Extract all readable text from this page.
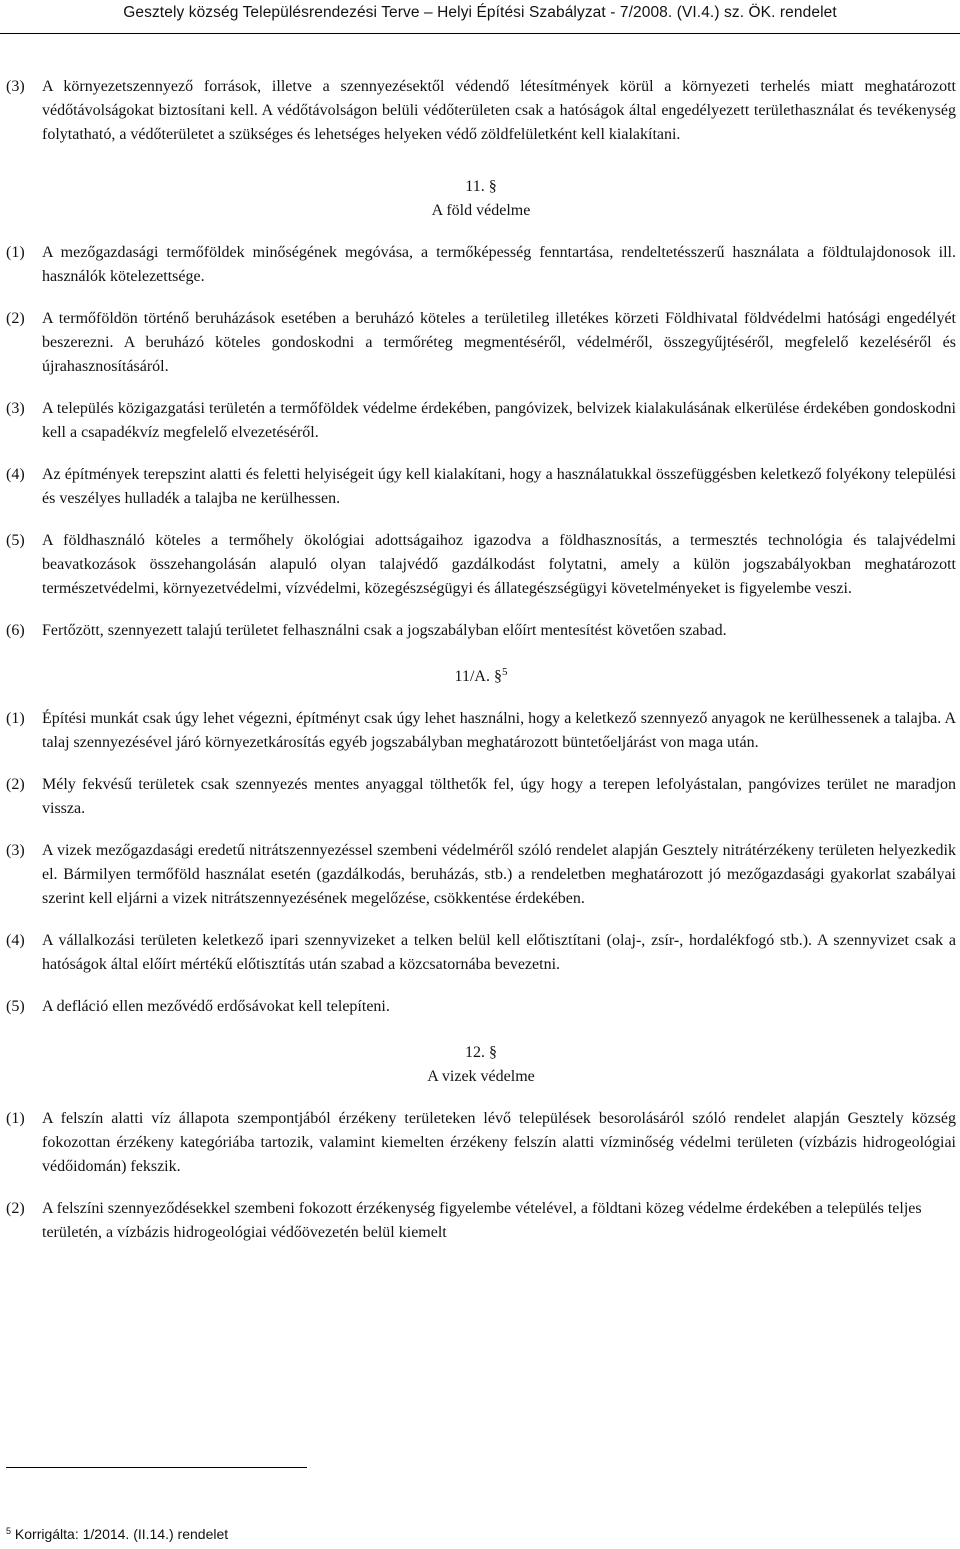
Gesztely község Településrendezési Terve – Helyi Építési Szabályzat - 7/2008. (VI.4.) sz. ÖK. rendelet
(3) A környezetszennyező források, illetve a szennyezésektől védendő létesítmények körül a környezeti terhelés miatt meghatározott védőtávolságokat biztosítani kell. A védőtávolságon belüli védőterületen csak a hatóságok által engedélyezett területhasználat és tevékenység folytatható, a védőterületet a szükséges és lehetséges helyeken védő zöldfelületként kell kialakítani.
11. §
A föld védelme
(1) A mezőgazdasági termőföldek minőségének megóvása, a termőképesség fenntartása, rendeltetésszerű használata a földtulajdonosok ill. használók kötelezettsége.
(2) A termőföldön történő beruházások esetében a beruházó köteles a területileg illetékes körzeti Földhivatal földvédelmi hatósági engedélyét beszerezni. A beruházó köteles gondoskodni a termőréteg megmentéséről, védelméről, összegyűjtéséről, megfelelő kezeléséről és újrahasznosításáról.
(3) A település közigazgatási területén a termőföldek védelme érdekében, pangóvizek, belvizek kialakulásának elkerülése érdekében gondoskodni kell a csapadékvíz megfelelő elvezetéséről.
(4) Az építmények terepszint alatti és feletti helyiségeit úgy kell kialakítani, hogy a használatukkal összefüggésben keletkező folyékony települési és veszélyes hulladék a talajba ne kerülhessen.
(5) A földhasználó köteles a termőhely ökológiai adottságaihoz igazodva a földhasznosítás, a termesztés technológia és talajvédelmi beavatkozások összehangolásán alapuló olyan talajvédő gazdálkodást folytatni, amely a külön jogszabályokban meghatározott természetvédelmi, környezetvédelmi, vízvédelmi, közegészségügyi és állategészségügyi követelményeket is figyelembe veszi.
(6) Fertőzött, szennyezett talajú területet felhasználni csak a jogszabályban előírt mentesítést követően szabad.
11/A. §$^5$
(1) Építési munkát csak úgy lehet végezni, építményt csak úgy lehet használni, hogy a keletkező szennyező anyagok ne kerülhessenek a talajba. A talaj szennyezésével járó környezetkárosítás egyéb jogszabályban meghatározott büntetőeljárást von maga után.
(2) Mély fekvésű területek csak szennyezés mentes anyaggal tölthetők fel, úgy hogy a terepen lefolyástalan, pangóvizes terület ne maradjon vissza.
(3) A vizek mezőgazdasági eredetű nitrátszennyezéssel szembeni védelméről szóló rendelet alapján Gesztely nitrátérzékeny területen helyezkedik el. Bármilyen termőföld használat esetén (gazdálkodás, beruházás, stb.) a rendeletben meghatározott jó mezőgazdasági gyakorlat szabályai szerint kell eljárni a vizek nitrátszennyezésének megelőzése, csökkentése érdekében.
(4) A vállalkozási területen keletkező ipari szennyvizeket a telken belül kell előtisztítani (olaj-, zsír-, hordalékfogó stb.). A szennyvizet csak a hatóságok által előírt mértékű előtisztítás után szabad a közcsatornába bevezetni.
(5) A defláció ellen mezővédő erdősávokat kell telepíteni.
12. §
A vizek védelme
(1) A felszín alatti víz állapota szempontjából érzékeny területeken lévő települések besorolásáról szóló rendelet alapján Gesztely község fokozottan érzékeny kategóriába tartozik, valamint kiemelten érzékeny felszín alatti vízminőség védelmi területen (vízbázis hidrogeológiai védőidomán) fekszik.
(2) A felszíni szennyeződésekkel szembeni fokozott érzékenység figyelembe vételével, a földtani közeg védelme érdekében a település teljes területén, a vízbázis hidrogeológiai védőövezetén belül kiemelt
$^5$ Korrigálta: 1/2014. (II.14.) rendelet
